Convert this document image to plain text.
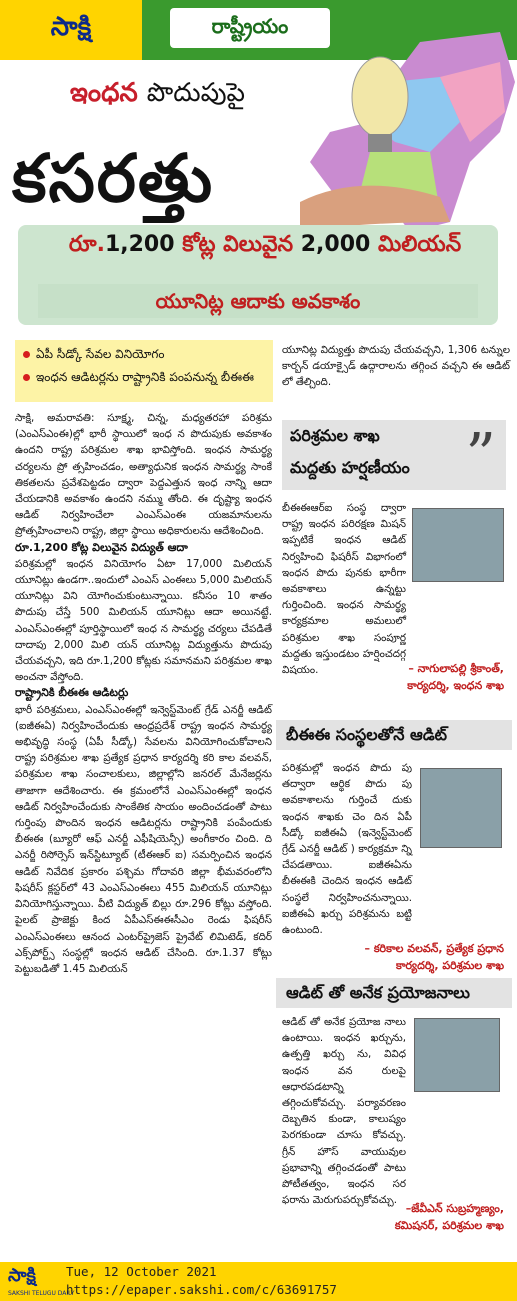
సాక్షి	రాష్ట్రీయం
ఇంధన పొదుపుపై
కసరత్తు
రూ.1,200 కోట్ల విలువైన 2,000 మిలియన్
యూనిట్ల ఆదాకు అవకాశం
ఏపీ సీడ్కో సేవల వినియోగం
ఇంధన ఆడిటర్లను రాష్ట్రానికి పంపనున్న బీఈఈ
సాక్షి, అమరావతి: సూక్ష్మ, చిన్న, మధ్యతరహా పరిశ్రమ (ఎంఎస్ఎంఈ)ల్లో భారీ స్థాయిలో ఇంధ న పొదుపుకు అవకాశం ఉందని రాష్ట్ర పరిశ్రమల శాఖ భావిస్తోంది. ఇంధన సామర్థ్య చర్యలను ప్రో త్సహించడం, అత్యాధునిక ఇంధన సామర్థ్య సాంకే తికతలను ప్రవేశపెట్టడం ద్వారా పెద్దఎత్తున ఇంధ నాన్ని ఆదా చేయడానికి అవకాశం ఉందని నమ్ము తోంది. ఈ దృష్ట్యా ఇంధన ఆడిట్ నిర్వహించేలా ఎంఎస్ఎంఈ యజమానులను ప్రోత్సహించాలని రాష్ట్ర, జిల్లా స్థాయి అధికారులను ఆదేశించింది.
రూ.1,200 కోట్ల విలువైన విద్యుత్ ఆదా
పరిశ్రమల్లో ఇంధన వినియోగం ఏటా 17,000 మిలియన్ యూనిట్లు ఉండగా..ఇందులో ఎంఎస్ ఎంఈలు 5,000 మిలియన్ యూనిట్లు విని యోగించుకుంటున్నాయి. కనీసం 10 శాతం పొదుపు చేస్తే 500 మిలియన్ యూనిట్లు ఆదా అయినట్టే. ఎంఎస్ఎంఈల్లో పూర్తిస్థాయిలో ఇంధ న సామర్థ్య చర్యలు చేపడితే దాదాపు 2,000 మిలి యన్ యూనిట్ల విద్యుత్తును పొదుపు చేయవచ్చని, ఇది రూ.1,200 కోట్లకు సమానమని పరిశ్రమల శాఖ అంచనా వేస్తోంది.
రాష్ట్రానికి బీఈఈ ఆడిటర్లు
భారీ పరిశ్రమలు, ఎంఎస్ఎంఈల్లో ఇన్వెస్ట్‌మెంట్ గ్రేడ్ ఎనర్జీ ఆడిట్ (ఐజీఈఏ) నిర్వహించేందుకు ఆంధ్రప్రదేశ్ రాష్ట్ర ఇంధన సామర్థ్య అభివృద్ధి సంస్థ (ఏపీ సీడ్కో) సేవలను వినియోగించుకోవాలని రాష్ట్ర పరిశ్రమల శాఖ ప్రత్యేక ప్రధాన కార్యదర్శి కరి కాల వలవన్, పరిశ్రమల శాఖ సంచాలకులు, జిల్లాల్లోని జనరల్ మేనేజర్లను తాజాగా ఆదేశించారు. ఈ క్రమంలోనే ఎంఎస్ఎంఈల్లో ఇంధన ఆడిట్ నిర్వహించేందుకు సాంకేతిక సాయం అందించడంతో పాటు గుర్తింపు పొందిన ఇంధన ఆడిటర్లను రాష్ట్రానికి పంపేందుకు బీఈఈ (బ్యూరో ఆఫ్ ఎనర్జీ ఎఫీషియెన్సీ) అంగీకారం చింది. ది ఎనర్జీ రిసోర్సెస్ ఇన్‌స్టిట్యూట్ (టీఈఆర్ ఐ) సమర్పించిన ఇంధన ఆడిట్ నివేదిక ప్రకారం పశ్చిమ గోదావరి జిల్లా భీమవరంలోని ఫిషరీస్ క్లస్టర్‌లో 43 ఎంఎస్ఎంఈలు 455 మిలియన్ యూనిట్లు వినియోగిస్తున్నాయి. వీటి విద్యుత్ బిల్లు రూ.296 కోట్లు వస్తోంది. పైలట్ ప్రాజెక్టు కింద ఏపీఎస్ఈఈసీఎం రెండు ఫిషరీస్ ఎంఎస్ఎంఈలు ఆనంద ఎంటర్‌ప్రైజెస్ ప్రైవేట్ లిమిటెడ్, కదిర్ ఎక్స్‌పోర్ట్స్ సంస్థల్లో ఇంధన ఆడిట్ చేసింది. రూ.1.37 కోట్లు పెట్టుబడితో 1.45 మిలియన్
యూనిట్ల విద్యుత్తు పొదుపు చేయవచ్చని, 1,306 టన్నుల కార్బన్ డయాక్సైడ్ ఉద్గారాలను తగ్గించ వచ్చని ఈ ఆడిట్ లో తేల్చింది.
పరిశ్రమల శాఖ
మద్దతు హర్షణీయం ”
బీఈఈఆర్‌ఐ సంస్థ ద్వారా రాష్ట్ర ఇంధన పరిరక్షణ మిషన్ ఇప్పటికే ఇంధన ఆడిట్ నిర్వహించి ఫిషరీస్ విభాగంలో ఇంధన పొదు పునకు భారీగా అవకాశాలు ఉన్నట్టు గుర్తించింది. ఇంధన సామర్థ్య కార్యక్రమాల అమలులో పరిశ్రమల శాఖ సంపూర్ణ మద్దతు ఇస్తుండటం హర్షించదగ్గ విషయం.	– నాగులాపల్లి శ్రీకాంత్,
కార్యదర్శి, ఇంధన శాఖ
బీఈఈ సంస్థలతోనే ఆడిట్
పరిశ్రమల్లో ఇంధన పొదు పు తద్వారా ఆర్థిక పొదు పు అవకాశాలను గుర్తించే దుకు ఇంధన శాఖకు చెం దిన ఏపీ సీడ్కో ఐజీఈఏ (ఇన్వెస్ట్‌మెంట్ గ్రేడ్ ఎనర్జీ ఆడిట్ ) కార్యక్రమా న్ని చేపడతాయి. ఐజీఈఏను బీఈఈకి చెందిన ఇంధన ఆడిట్ సంస్థలే నిర్వహించనున్నాయి. ఐజీఈఏ ఖర్చు పరిశ్రమను బట్టి ఉంటుంది.
– కరికాల వలవన్, ప్రత్యేక ప్రధాన
కార్యదర్శి, పరిశ్రమల శాఖ
ఆడిట్ తో అనేక ప్రయోజనాలు
ఆడిట్ తో అనేక ప్రయోజ నాలు ఉంటాయి. ఇంధన ఖర్చును, ఉత్పత్తి ఖర్చు ను, వివిధ ఇంధన వన రులపై ఆధారపడటాన్ని తగ్గించుకోవచ్చు. పర్యావరణం దెబ్బతిన కుండా, కాలుష్యం పెరగకుండా చూసు కోవచ్చు. గ్రీన్ హౌస్ వాయువుల ప్రభావాన్ని తగ్గించడంతో పాటు పోటీతత్వం, ఇంధన సర ఫరాను మెరుగుపర్చుకోవచ్చు.
–జేవీఎన్ సుబ్రహ్మణ్యం,
కమిషనర్, పరిశ్రమల శాఖ
సాక్షి
SAKSHI TELUGU DAILY
Tue, 12 October 2021
https://epaper.sakshi.com/c/63691757
